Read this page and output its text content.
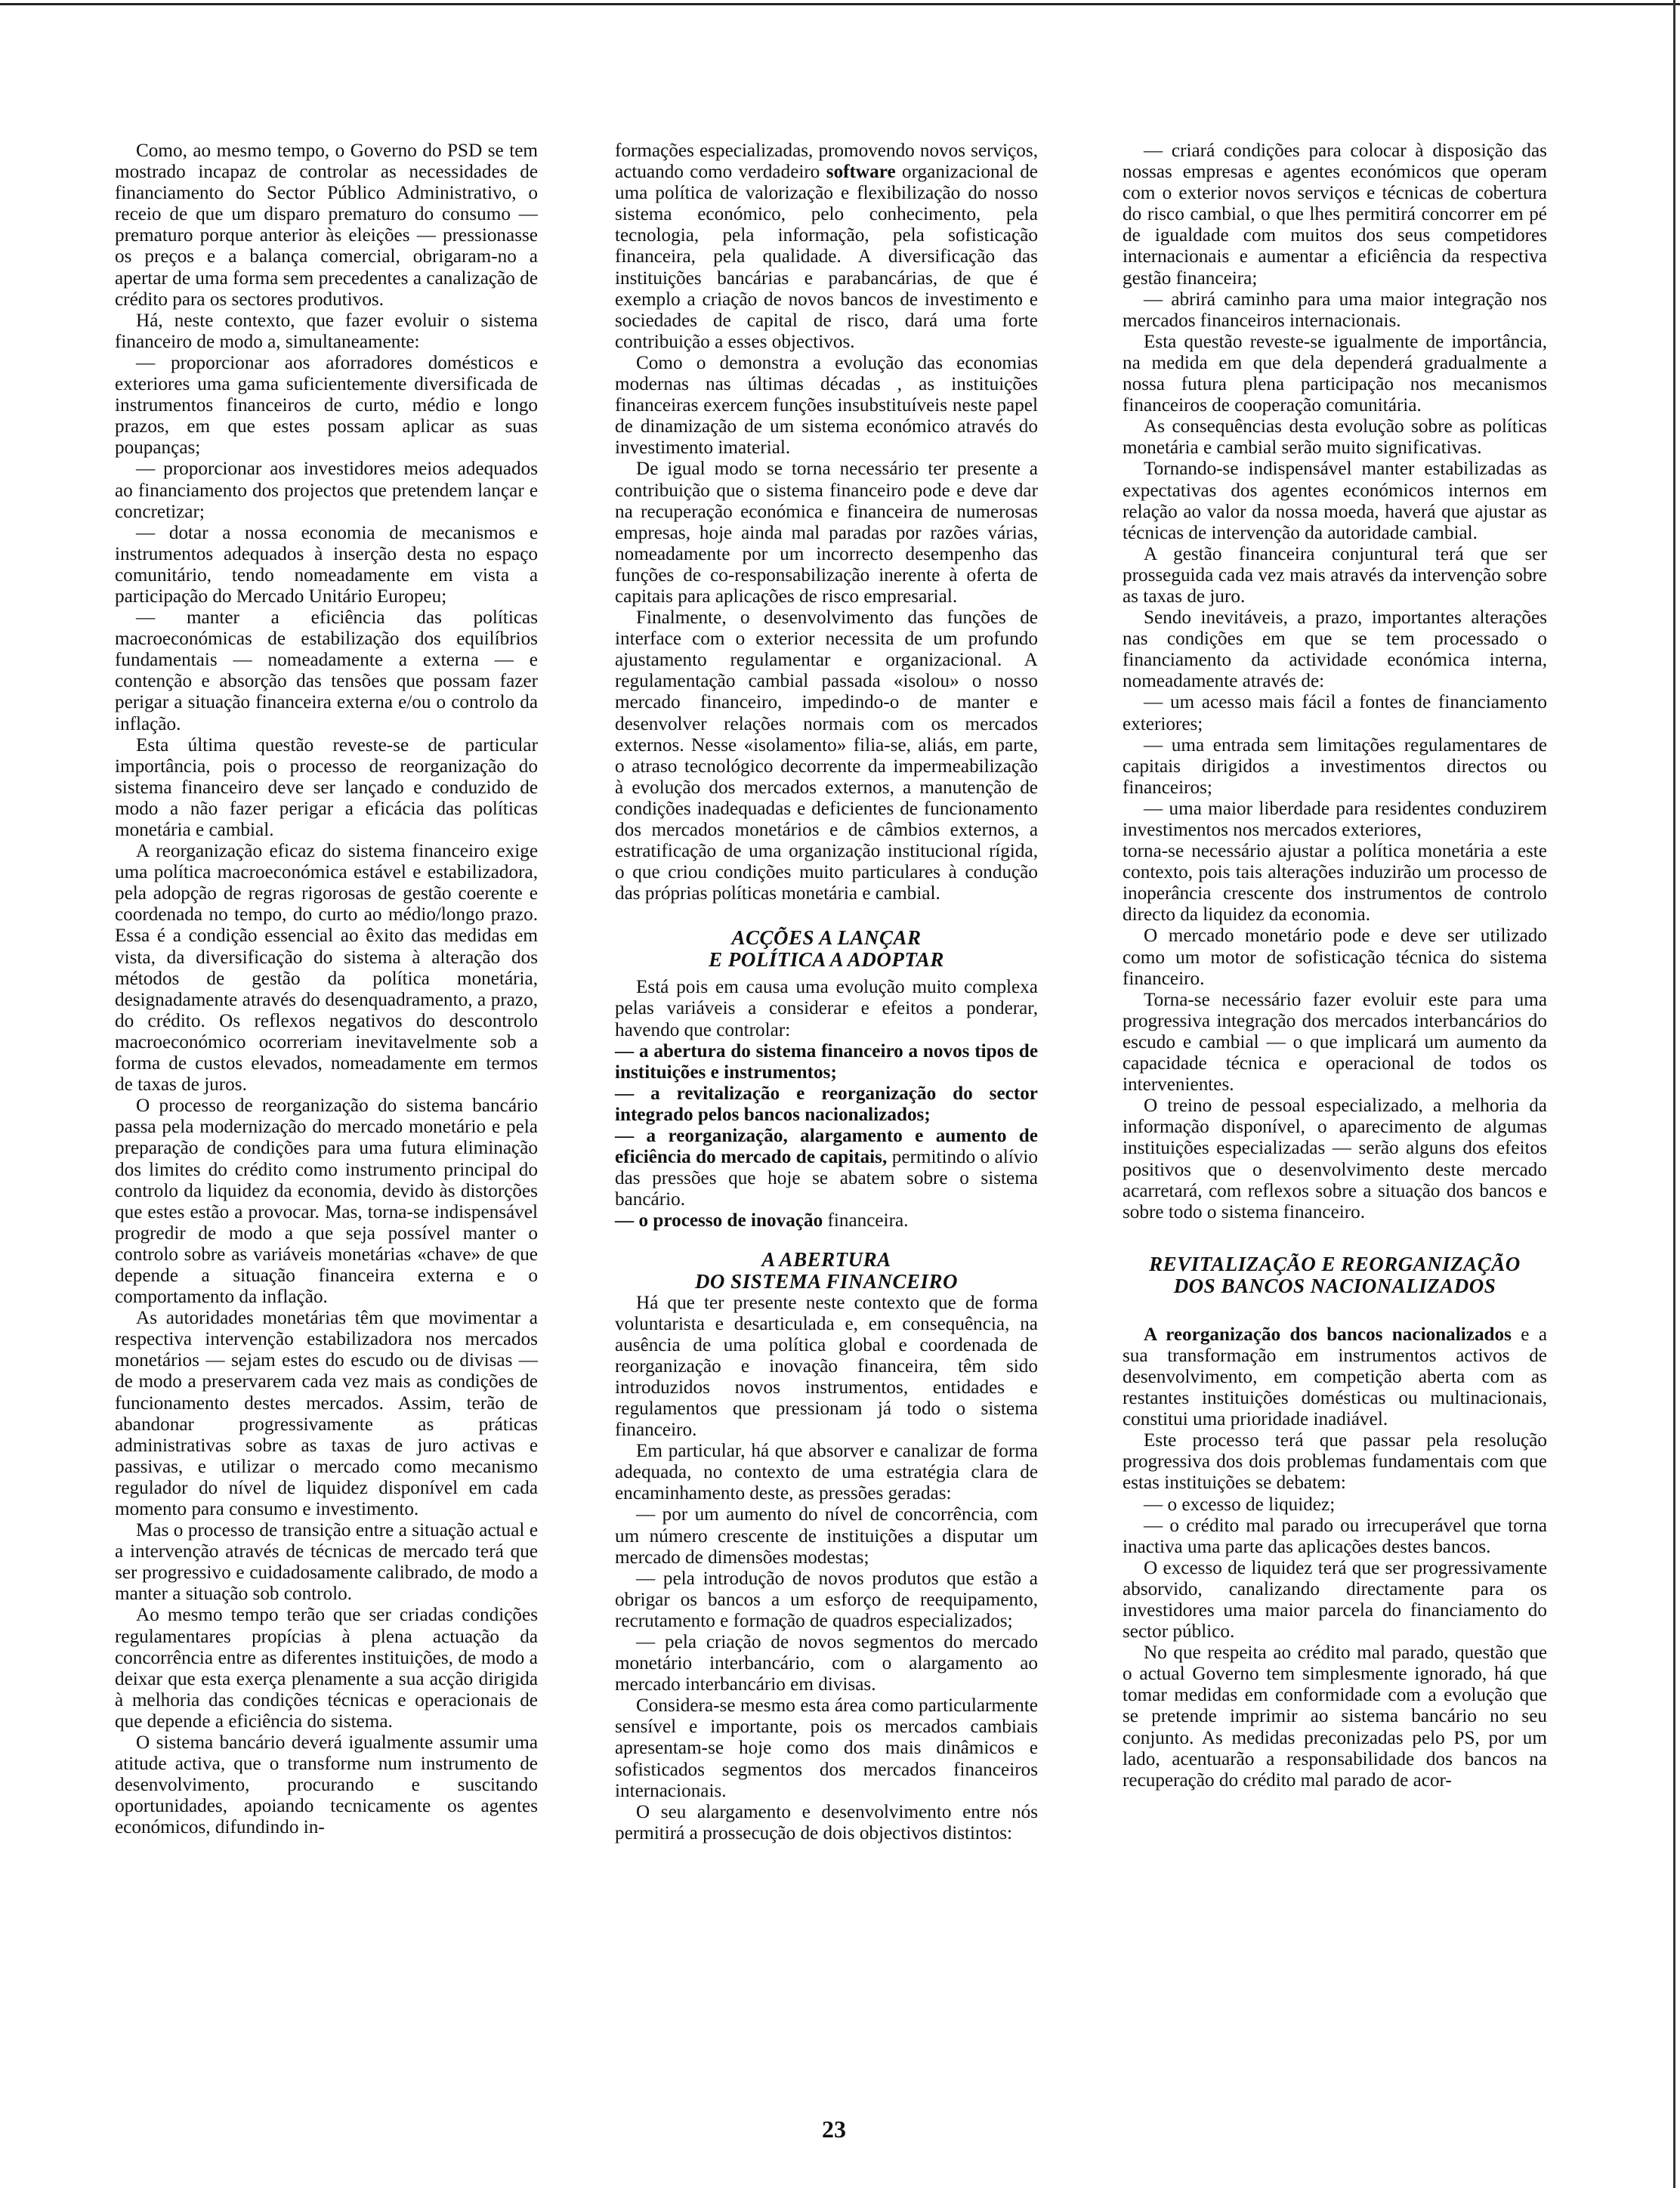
Como, ao mesmo tempo, o Governo do PSD se tem mostrado incapaz de controlar as necessidades de financiamento do Sector Público Administrativo, o receio de que um disparo prematuro do consumo — prematuro porque anterior às eleições — pressionasse os preços e a balança comercial, obrigaram-no a apertar de uma forma sem precedentes a canalização de crédito para os sectores produtivos.

Há, neste contexto, que fazer evoluir o sistema financeiro de modo a, simultaneamente:

— proporcionar aos aforradores domésticos e exteriores uma gama suficientemente diversificada de instrumentos financeiros de curto, médio e longo prazos, em que estes possam aplicar as suas poupanças;

— proporcionar aos investidores meios adequados ao financiamento dos projectos que pretendem lançar e concretizar;

— dotar a nossa economia de mecanismos e instrumentos adequados à inserção desta no espaço comunitário, tendo nomeadamente em vista a participação do Mercado Unitário Europeu;

— manter a eficiência das políticas macroeconómicas de estabilização dos equilíbrios fundamentais — nomeadamente a externa — e contenção e absorção das tensões que possam fazer perigar a situação financeira externa e/ou o controlo da inflação.

Esta última questão reveste-se de particular importância, pois o processo de reorganização do sistema financeiro deve ser lançado e conduzido de modo a não fazer perigar a eficácia das políticas monetária e cambial.

A reorganização eficaz do sistema financeiro exige uma política macroeconómica estável e estabilizadora, pela adopção de regras rigorosas de gestão coerente e coordenada no tempo, do curto ao médio/longo prazo. Essa é a condição essencial ao êxito das medidas em vista, da diversificação do sistema à alteração dos métodos de gestão da política monetária, designadamente através do desenquadramento, a prazo, do crédito. Os reflexos negativos do descontrolo macroeconómico ocorreriam inevitavelmente sob a forma de custos elevados, nomeadamente em termos de taxas de juros.

O processo de reorganização do sistema bancário passa pela modernização do mercado monetário e pela preparação de condições para uma futura eliminação dos limites do crédito como instrumento principal do controlo da liquidez da economia, devido às distorções que estes estão a provocar. Mas, torna-se indispensável progredir de modo a que seja possível manter o controlo sobre as variáveis monetárias «chave» de que depende a situação financeira externa e o comportamento da inflação.

As autoridades monetárias têm que movimentar a respectiva intervenção estabilizadora nos mercados monetários — sejam estes do escudo ou de divisas — de modo a preservarem cada vez mais as condições de funcionamento destes mercados. Assim, terão de abandonar progressivamente as práticas administrativas sobre as taxas de juro activas e passivas, e utilizar o mercado como mecanismo regulador do nível de liquidez disponível em cada momento para consumo e investimento.

Mas o processo de transição entre a situação actual e a intervenção através de técnicas de mercado terá que ser progressivo e cuidadosamente calibrado, de modo a manter a situação sob controlo.

Ao mesmo tempo terão que ser criadas condições regulamentares propícias à plena actuação da concorrência entre as diferentes instituições, de modo a deixar que esta exerça plenamente a sua acção dirigida à melhoria das condições técnicas e operacionais de que depende a eficiência do sistema.

O sistema bancário deverá igualmente assumir uma atitude activa, que o transforme num instrumento de desenvolvimento, procurando e suscitando oportunidades, apoiando tecnicamente os agentes económicos, difundindo in-

formações especializadas, promovendo novos serviços, actuando como verdadeiro software organizacional de uma política de valorização e flexibilização do nosso sistema económico, pelo conhecimento, pela tecnologia, pela informação, pela sofisticação financeira, pela qualidade. A diversificação das instituições bancárias e parabancárias, de que é exemplo a criação de novos bancos de investimento e sociedades de capital de risco, dará uma forte contribuição a esses objectivos.

Como o demonstra a evolução das economias modernas nas últimas décadas , as instituições financeiras exercem funções insubstituíveis neste papel de dinamização de um sistema económico através do investimento imaterial.

De igual modo se torna necessário ter presente a contribuição que o sistema financeiro pode e deve dar na recuperação económica e financeira de numerosas empresas, hoje ainda mal paradas por razões várias, nomeadamente por um incorrecto desempenho das funções de co-responsabilização inerente à oferta de capitais para aplicações de risco empresarial.

Finalmente, o desenvolvimento das funções de interface com o exterior necessita de um profundo ajustamento regulamentar e organizacional. A regulamentação cambial passada «isolou» o nosso mercado financeiro, impedindo-o de manter e desenvolver relações normais com os mercados externos. Nesse «isolamento» filia-se, aliás, em parte, o atraso tecnológico decorrente da impermeabilização à evolução dos mercados externos, a manutenção de condições inadequadas e deficientes de funcionamento dos mercados monetários e de câmbios externos, a estratificação de uma organização institucional rígida, o que criou condições muito particulares à condução das próprias políticas monetária e cambial.

ACÇÕES A LANÇAR
E POLÍTICA A ADOPTAR

Está pois em causa uma evolução muito complexa pelas variáveis a considerar e efeitos a ponderar, havendo que controlar:

— a abertura do sistema financeiro a novos tipos de instituições e instrumentos;

— a revitalização e reorganização do sector integrado pelos bancos nacionalizados;

— a reorganização, alargamento e aumento de eficiência do mercado de capitais, permitindo o alívio das pressões que hoje se abatem sobre o sistema bancário.

— o processo de inovação financeira.

A ABERTURA
DO SISTEMA FINANCEIRO

Há que ter presente neste contexto que de forma voluntarista e desarticulada e, em consequência, na ausência de uma política global e coordenada de reorganização e inovação financeira, têm sido introduzidos novos instrumentos, entidades e regulamentos que pressionam já todo o sistema financeiro.

Em particular, há que absorver e canalizar de forma adequada, no contexto de uma estratégia clara de encaminhamento deste, as pressões geradas:

— por um aumento do nível de concorrência, com um número crescente de instituições a disputar um mercado de dimensões modestas;

— pela introdução de novos produtos que estão a obrigar os bancos a um esforço de reequipamento, recrutamento e formação de quadros especializados;

— pela criação de novos segmentos do mercado monetário interbancário, com o alargamento ao mercado interbancário em divisas.

Considera-se mesmo esta área como particularmente sensível e importante, pois os mercados cambiais apresentam-se hoje como dos mais dinâmicos e sofisticados segmentos dos mercados financeiros internacionais.

O seu alargamento e desenvolvimento entre nós permitirá a prossecução de dois objectivos distintos:

— criará condições para colocar à disposição das nossas empresas e agentes económicos que operam com o exterior novos serviços e técnicas de cobertura do risco cambial, o que lhes permitirá concorrer em pé de igualdade com muitos dos seus competidores internacionais e aumentar a eficiência da respectiva gestão financeira;

— abrirá caminho para uma maior integração nos mercados financeiros internacionais.

Esta questão reveste-se igualmente de importância, na medida em que dela dependerá gradualmente a nossa futura plena participação nos mecanismos financeiros de cooperação comunitária.

As consequências desta evolução sobre as políticas monetária e cambial serão muito significativas.

Tornando-se indispensável manter estabilizadas as expectativas dos agentes económicos internos em relação ao valor da nossa moeda, haverá que ajustar as técnicas de intervenção da autoridade cambial.

A gestão financeira conjuntural terá que ser prosseguida cada vez mais através da intervenção sobre as taxas de juro.

Sendo inevitáveis, a prazo, importantes alterações nas condições em que se tem processado o financiamento da actividade económica interna, nomeadamente através de:

— um acesso mais fácil a fontes de financiamento exteriores;

— uma entrada sem limitações regulamentares de capitais dirigidos a investimentos directos ou financeiros;

— uma maior liberdade para residentes conduzirem investimentos nos mercados exteriores,

torna-se necessário ajustar a política monetária a este contexto, pois tais alterações induzirão um processo de inoperância crescente dos instrumentos de controlo directo da liquidez da economia.

O mercado monetário pode e deve ser utilizado como um motor de sofisticação técnica do sistema financeiro.

Torna-se necessário fazer evoluir este para uma progressiva integração dos mercados interbancários do escudo e cambial — o que implicará um aumento da capacidade técnica e operacional de todos os intervenientes.

O treino de pessoal especializado, a melhoria da informação disponível, o aparecimento de algumas instituições especializadas — serão alguns dos efeitos positivos que o desenvolvimento deste mercado acarretará, com reflexos sobre a situação dos bancos e sobre todo o sistema financeiro.

REVITALIZAÇÃO E REORGANIZAÇÃO
DOS BANCOS NACIONALIZADOS

A reorganização dos bancos nacionalizados e a sua transformação em instrumentos activos de desenvolvimento, em competição aberta com as restantes instituições domésticas ou multinacionais, constitui uma prioridade inadiável.

Este processo terá que passar pela resolução progressiva dos dois problemas fundamentais com que estas instituições se debatem:

— o excesso de liquidez;

— o crédito mal parado ou irrecuperável que torna inactiva uma parte das aplicações destes bancos.

O excesso de liquidez terá que ser progressivamente absorvido, canalizando directamente para os investidores uma maior parcela do financiamento do sector público.

No que respeita ao crédito mal parado, questão que o actual Governo tem simplesmente ignorado, há que tomar medidas em conformidade com a evolução que se pretende imprimir ao sistema bancário no seu conjunto. As medidas preconizadas pelo PS, por um lado, acentuarão a responsabilidade dos bancos na recuperação do crédito mal parado de acor-

23
